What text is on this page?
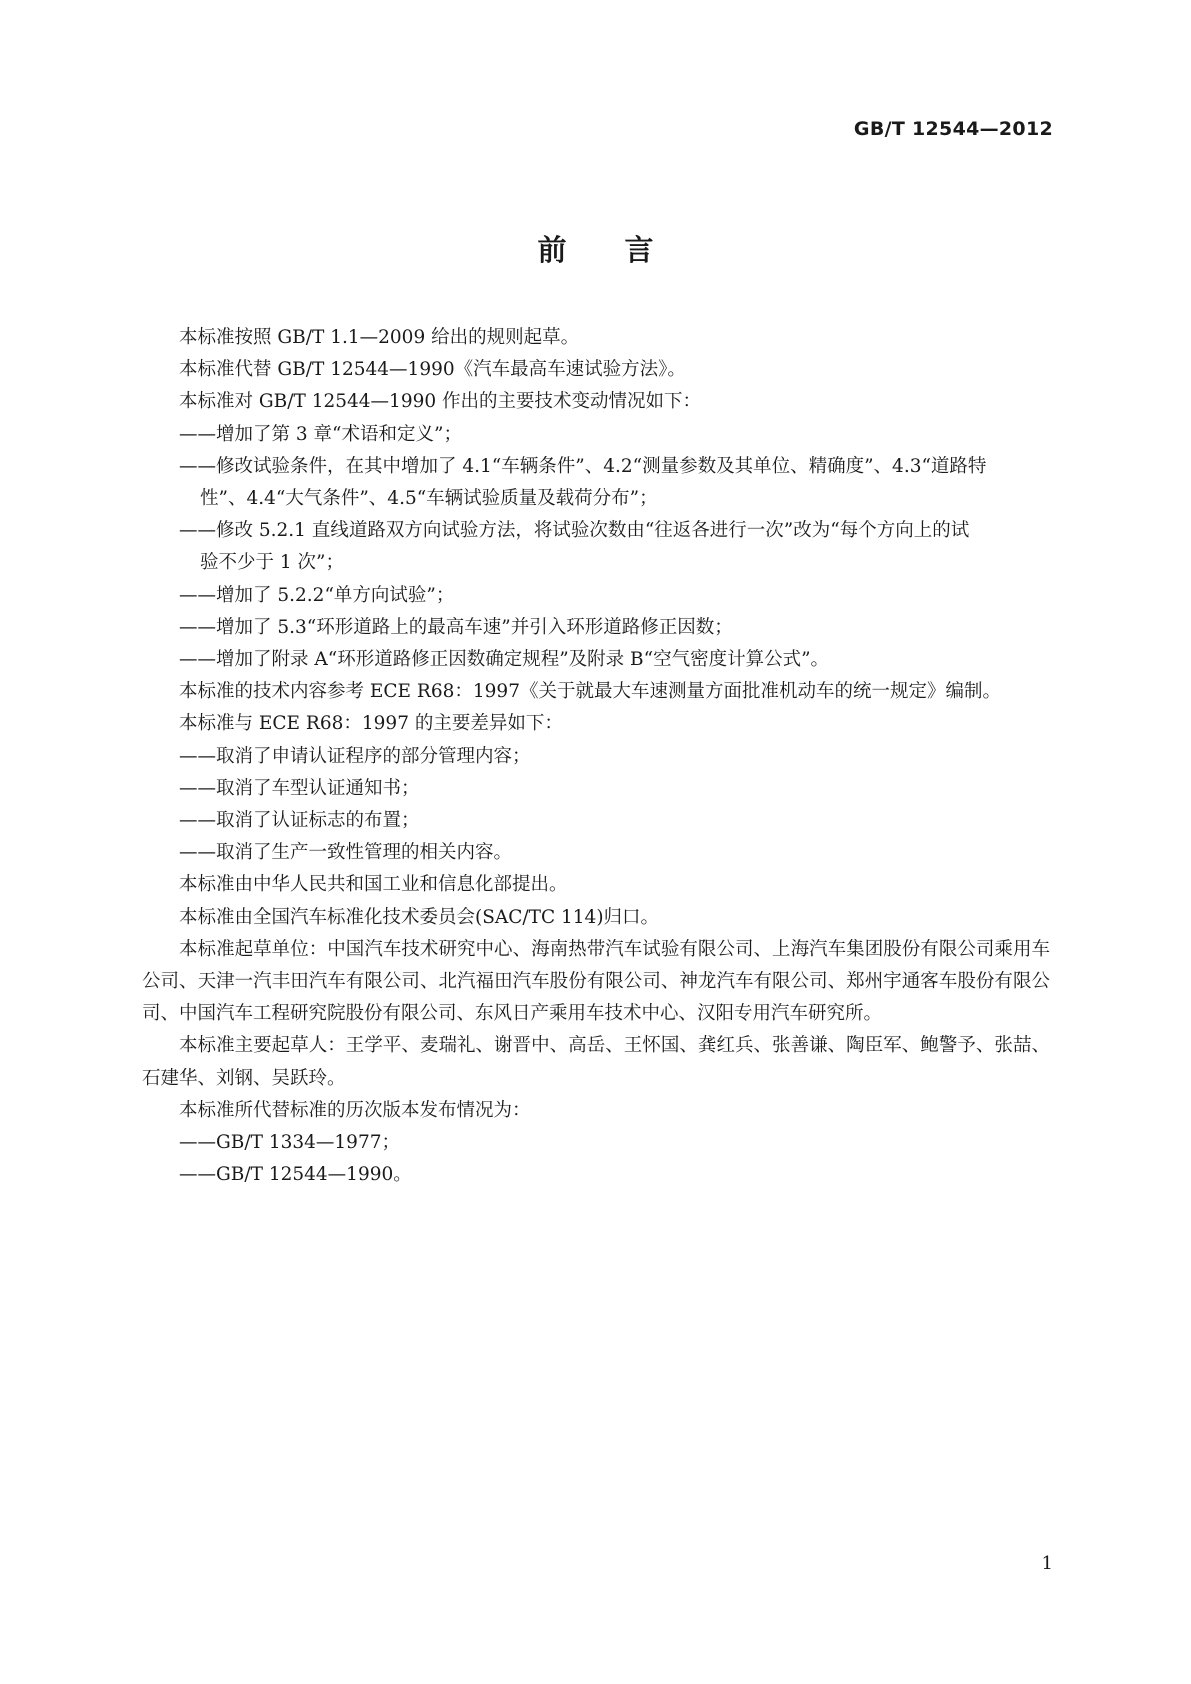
GB/T 12544—2012
前 言

本标准按照 GB/T 1.1—2009 给出的规则起草。

本标准代替 GB/T 12544—1990《汽车最高车速试验方法》。

本标准对 GB/T 12544—1990 作出的主要技术变动情况如下：

——增加了第 3 章“术语和定义”；

——修改试验条件，在其中增加了 4.1“车辆条件”、4.2“测量参数及其单位、精确度”、4.3“道路特

性”、4.4“大气条件”、4.5“车辆试验质量及载荷分布”；

——修改 5.2.1 直线道路双方向试验方法，将试验次数由“往返各进行一次”改为“每个方向上的试

验不少于 1 次”；

——增加了 5.2.2“单方向试验”；

——增加了 5.3“环形道路上的最高车速”并引入环形道路修正因数；

——增加了附录 A“环形道路修正因数确定规程”及附录 B“空气密度计算公式”。

本标准的技术内容参考 ECE R68：1997《关于就最大车速测量方面批准机动车的统一规定》编制。

本标准与 ECE R68：1997 的主要差异如下：

——取消了申请认证程序的部分管理内容；

——取消了车型认证通知书；

——取消了认证标志的布置；

——取消了生产一致性管理的相关内容。

本标准由中华人民共和国工业和信息化部提出。

本标准由全国汽车标准化技术委员会(SAC/TC 114)归口。

本标准起草单位：中国汽车技术研究中心、海南热带汽车试验有限公司、上海汽车集团股份有限公司乘用车公司、天津一汽丰田汽车有限公司、北汽福田汽车股份有限公司、神龙汽车有限公司、郑州宇通客车股份有限公司、中国汽车工程研究院股份有限公司、东风日产乘用车技术中心、汉阳专用汽车研究所。

本标准主要起草人：王学平、麦瑞礼、谢晋中、高岳、王怀国、龚红兵、张善谦、陶臣军、鲍警予、张喆、石建华、刘钢、吴跃玲。

本标准所代替标准的历次版本发布情况为：

——GB/T 1334—1977；

——GB/T 12544—1990。

1
